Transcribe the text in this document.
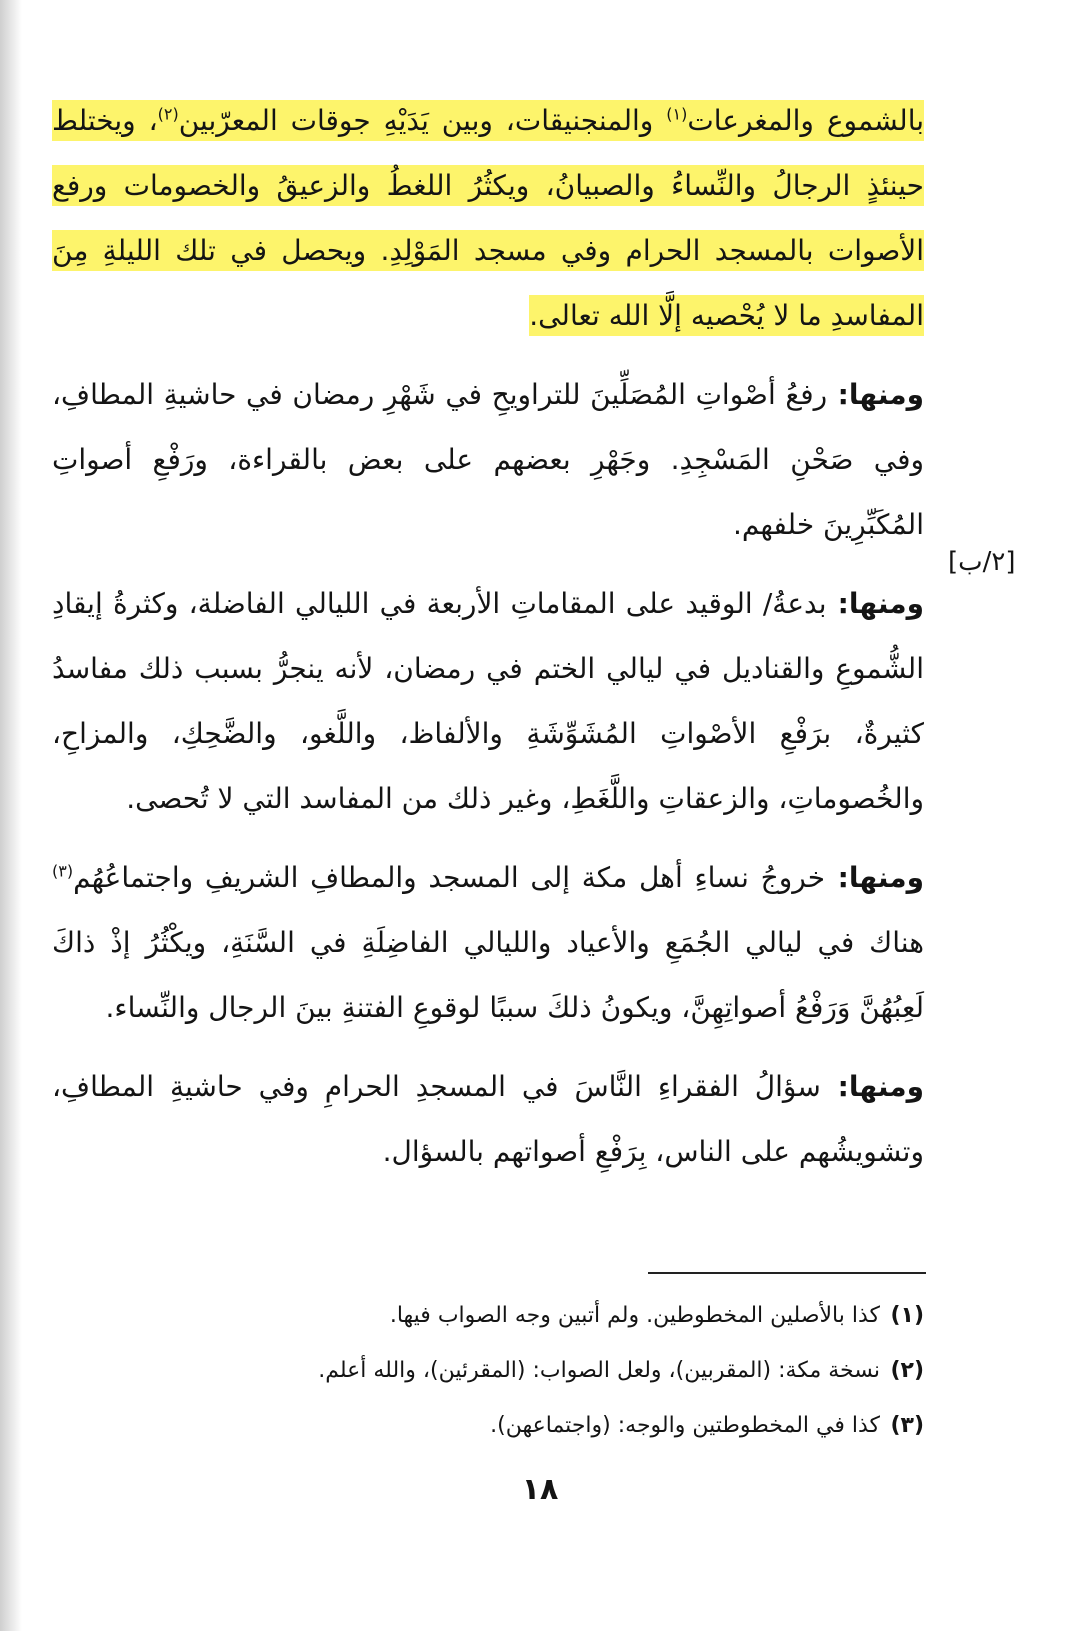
بالشموع والمغرعات$^{(١)}$ والمنجنيقات، وبين يَدَيْهِ جوقات المعرّبين$^{(٢)}$، ويختلط حينئذٍ الرجالُ والنِّساءُ والصبيانُ، ويكثُرُ اللغطُ والزعيقُ والخصومات ورفع الأصوات بالمسجد الحرام وفي مسجد المَوْلِدِ. ويحصل في تلك الليلةِ مِنَ المفاسدِ ما لا يُحْصيه إلَّا الله تعالى.

ومنها: رفعُ أصْواتِ المُصَلِّينَ للتراويحِ في شَهْرِ رمضان في حاشيةِ المطافِ، وفي صَحْنِ المَسْجِدِ. وجَهْرِ بعضهم على بعض بالقراءة، ورَفْعِ أصواتِ المُكَبِّرِينَ خلفهم.

ومنها: بدعةُ/ الوقيد على المقاماتِ الأربعة في الليالي الفاضلة، وكثرةُ إيقادِ الشُّموعِ والقناديل في ليالي الختم في رمضان، لأنه ينجرُّ بسبب ذلك مفاسدُ كثيرةٌ، برَفْعِ الأصْواتِ المُشَوِّشَةِ والألفاظ، واللَّغو، والضَّحِكِ، والمزاحِ، والخُصوماتِ، والزعقاتِ واللَّغَطِ، وغير ذلك من المفاسد التي لا تُحصى.

ومنها: خروجُ نساءِ أهل مكة إلى المسجد والمطافِ الشريفِ واجتماعُهُم$^{(٣)}$ هناك في ليالي الجُمَعِ والأعياد والليالي الفاضِلَةِ في السَّنَةِ، ويكْثُرُ إذْ ذاكَ لَعِبُهُنَّ وَرَفْعُ أصواتِهِنَّ، ويكونُ ذلكَ سببًا لوقوعِ الفتنةِ بينَ الرجال والنِّساء.

ومنها: سؤالُ الفقراءِ النَّاسَ في المسجدِ الحرامِ وفي حاشيةِ المطافِ، وتشويشُهم على الناس، بِرَفْعِ أصواتهم بالسؤال.

[٢/ب]

(١)كذا بالأصلين المخطوطين. ولم أتبين وجه الصواب فيها.

(٢)نسخة مكة: (المقربين)، ولعل الصواب: (المقرئين)، والله أعلم.

(٣)كذا في المخطوطتين والوجه: (واجتماعهن).

١٨
